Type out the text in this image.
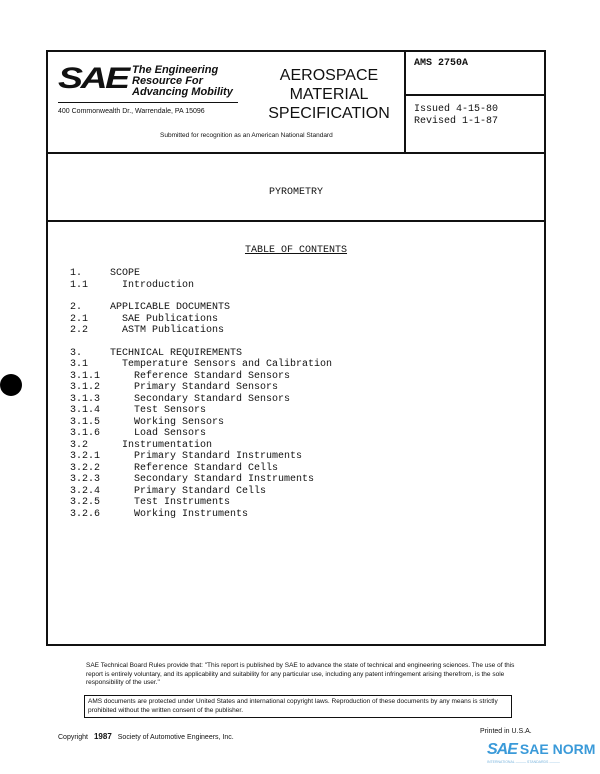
SAE The Engineering
Resource For
Advancing Mobility
400 Commonwealth Dr., Warrendale, PA 15096
AEROSPACE
MATERIAL
SPECIFICATION
Submitted for recognition as an American National Standard
AMS 2750A
Issued 4-15-80
Revised 1-1-87
PYROMETRY
TABLE OF CONTENTS
1.	SCOPE
1.1	Introduction
2.	APPLICABLE DOCUMENTS
2.1	SAE Publications
2.2	ASTM Publications
3.	TECHNICAL REQUIREMENTS
3.1	Temperature Sensors and Calibration
3.1.1	Reference Standard Sensors
3.1.2	Primary Standard Sensors
3.1.3	Secondary Standard Sensors
3.1.4	Test Sensors
3.1.5	Working Sensors
3.1.6	Load Sensors
3.2	Instrumentation
3.2.1	Primary Standard Instruments
3.2.2	Reference Standard Cells
3.2.3	Secondary Standard Instruments
3.2.4	Primary Standard Cells
3.2.5	Test Instruments
3.2.6	Working Instruments
SAE Technical Board Rules provide that: "This report is published by SAE to advance the state of technical and engineering sciences. The use of this report is entirely voluntary, and its applicability and suitability for any particular use, including any patent infringement arising therefrom, is the sole responsibility of the user."
AMS documents are protected under United States and international copyright laws. Reproduction of these documents by any means is strictly prohibited without the written consent of the publisher.
Copyright 1987 Society of Automotive Engineers, Inc.
Printed in U.S.A.
SAE SAE NORM
INTERNATIONAL ——— STANDARDS ———
